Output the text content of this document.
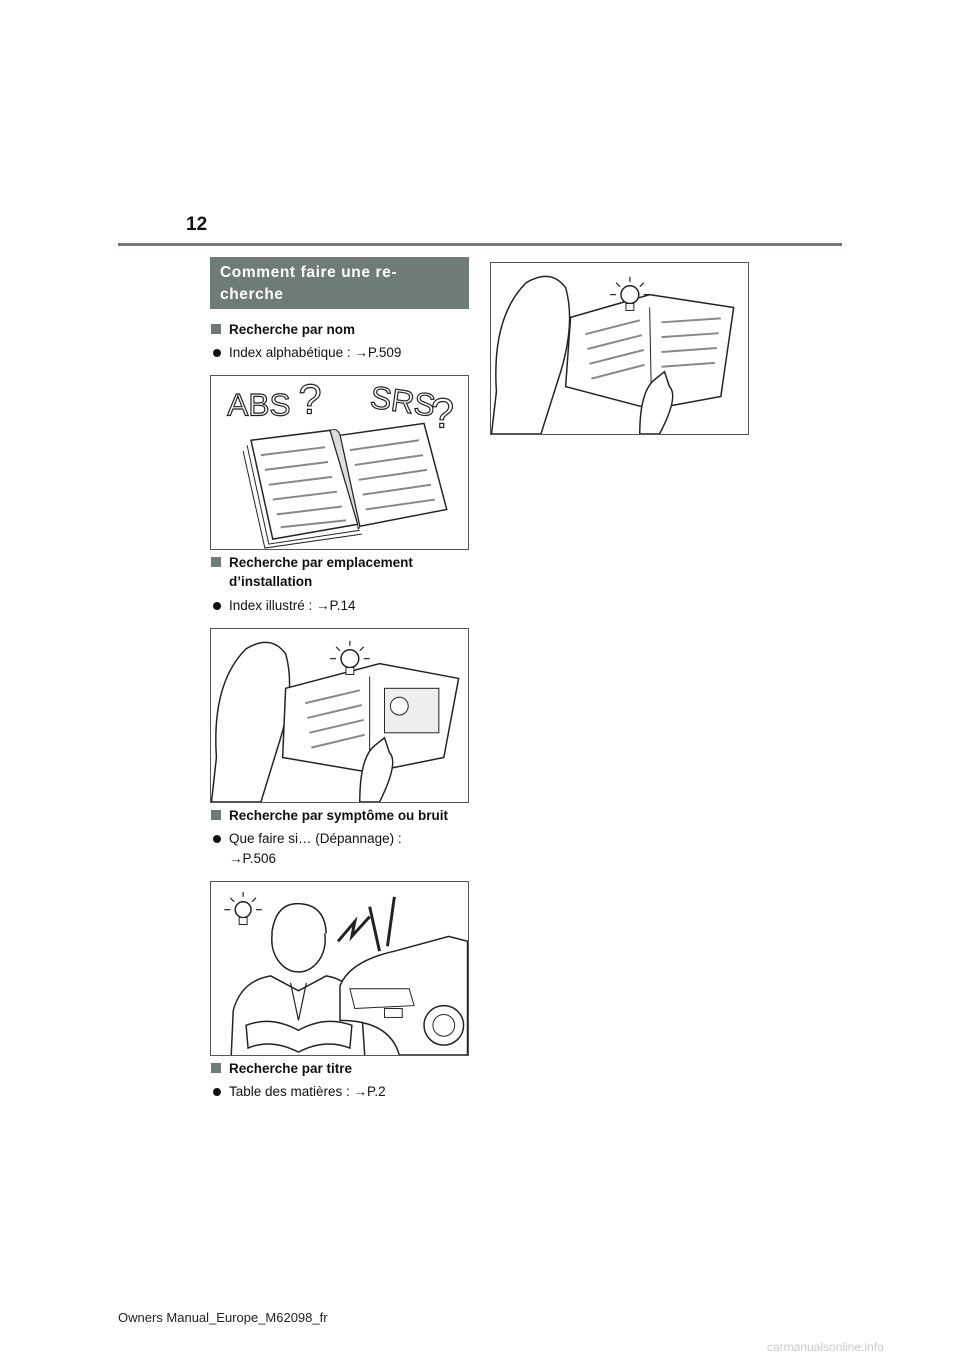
12
Comment faire une re-
cherche
Recherche par nom
Index alphabétique : →P.509
ABS ? SRS
?
Recherche par emplacement
d’installation
Index illustré : →P.14
Recherche par symptôme ou bruit
Que faire si… (Dépannage) :
→P.506
Recherche par titre
Table des matières : →P.2
Owners Manual_Europe_M62098_fr
carmanualsonline.info
